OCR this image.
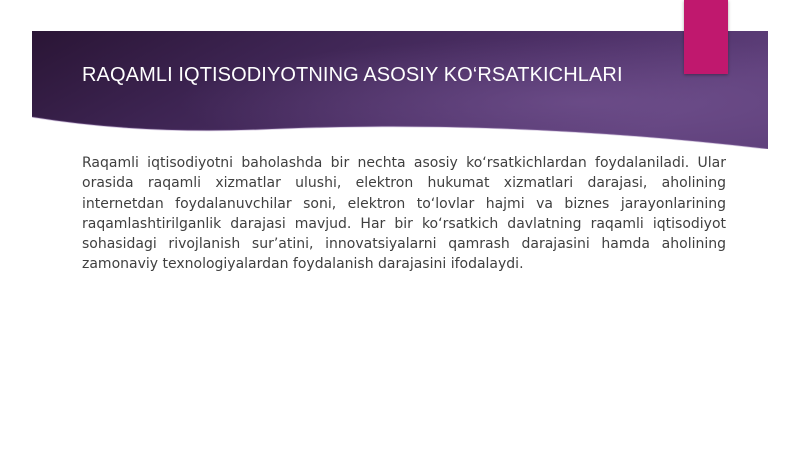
RAQAMLI IQTISODIYOTNING ASOSIY KO‘RSATKICHLARI

Raqamli iqtisodiyotni baholashda bir nechta asosiy ko‘rsatkichlardan foydalaniladi. Ular orasida raqamli xizmatlar ulushi, elektron hukumat xizmatlari darajasi, aholining internetdan foydalanuvchilar soni, elektron to‘lovlar hajmi va biznes jarayonlarining raqamlashtirilganlik darajasi mavjud. Har bir ko‘rsatkich davlatning raqamli iqtisodiyot sohasidagi rivojlanish sur’atini, innovatsiyalarni qamrash darajasini hamda aholining zamonaviy texnologiyalardan foydalanish darajasini ifodalaydi.
